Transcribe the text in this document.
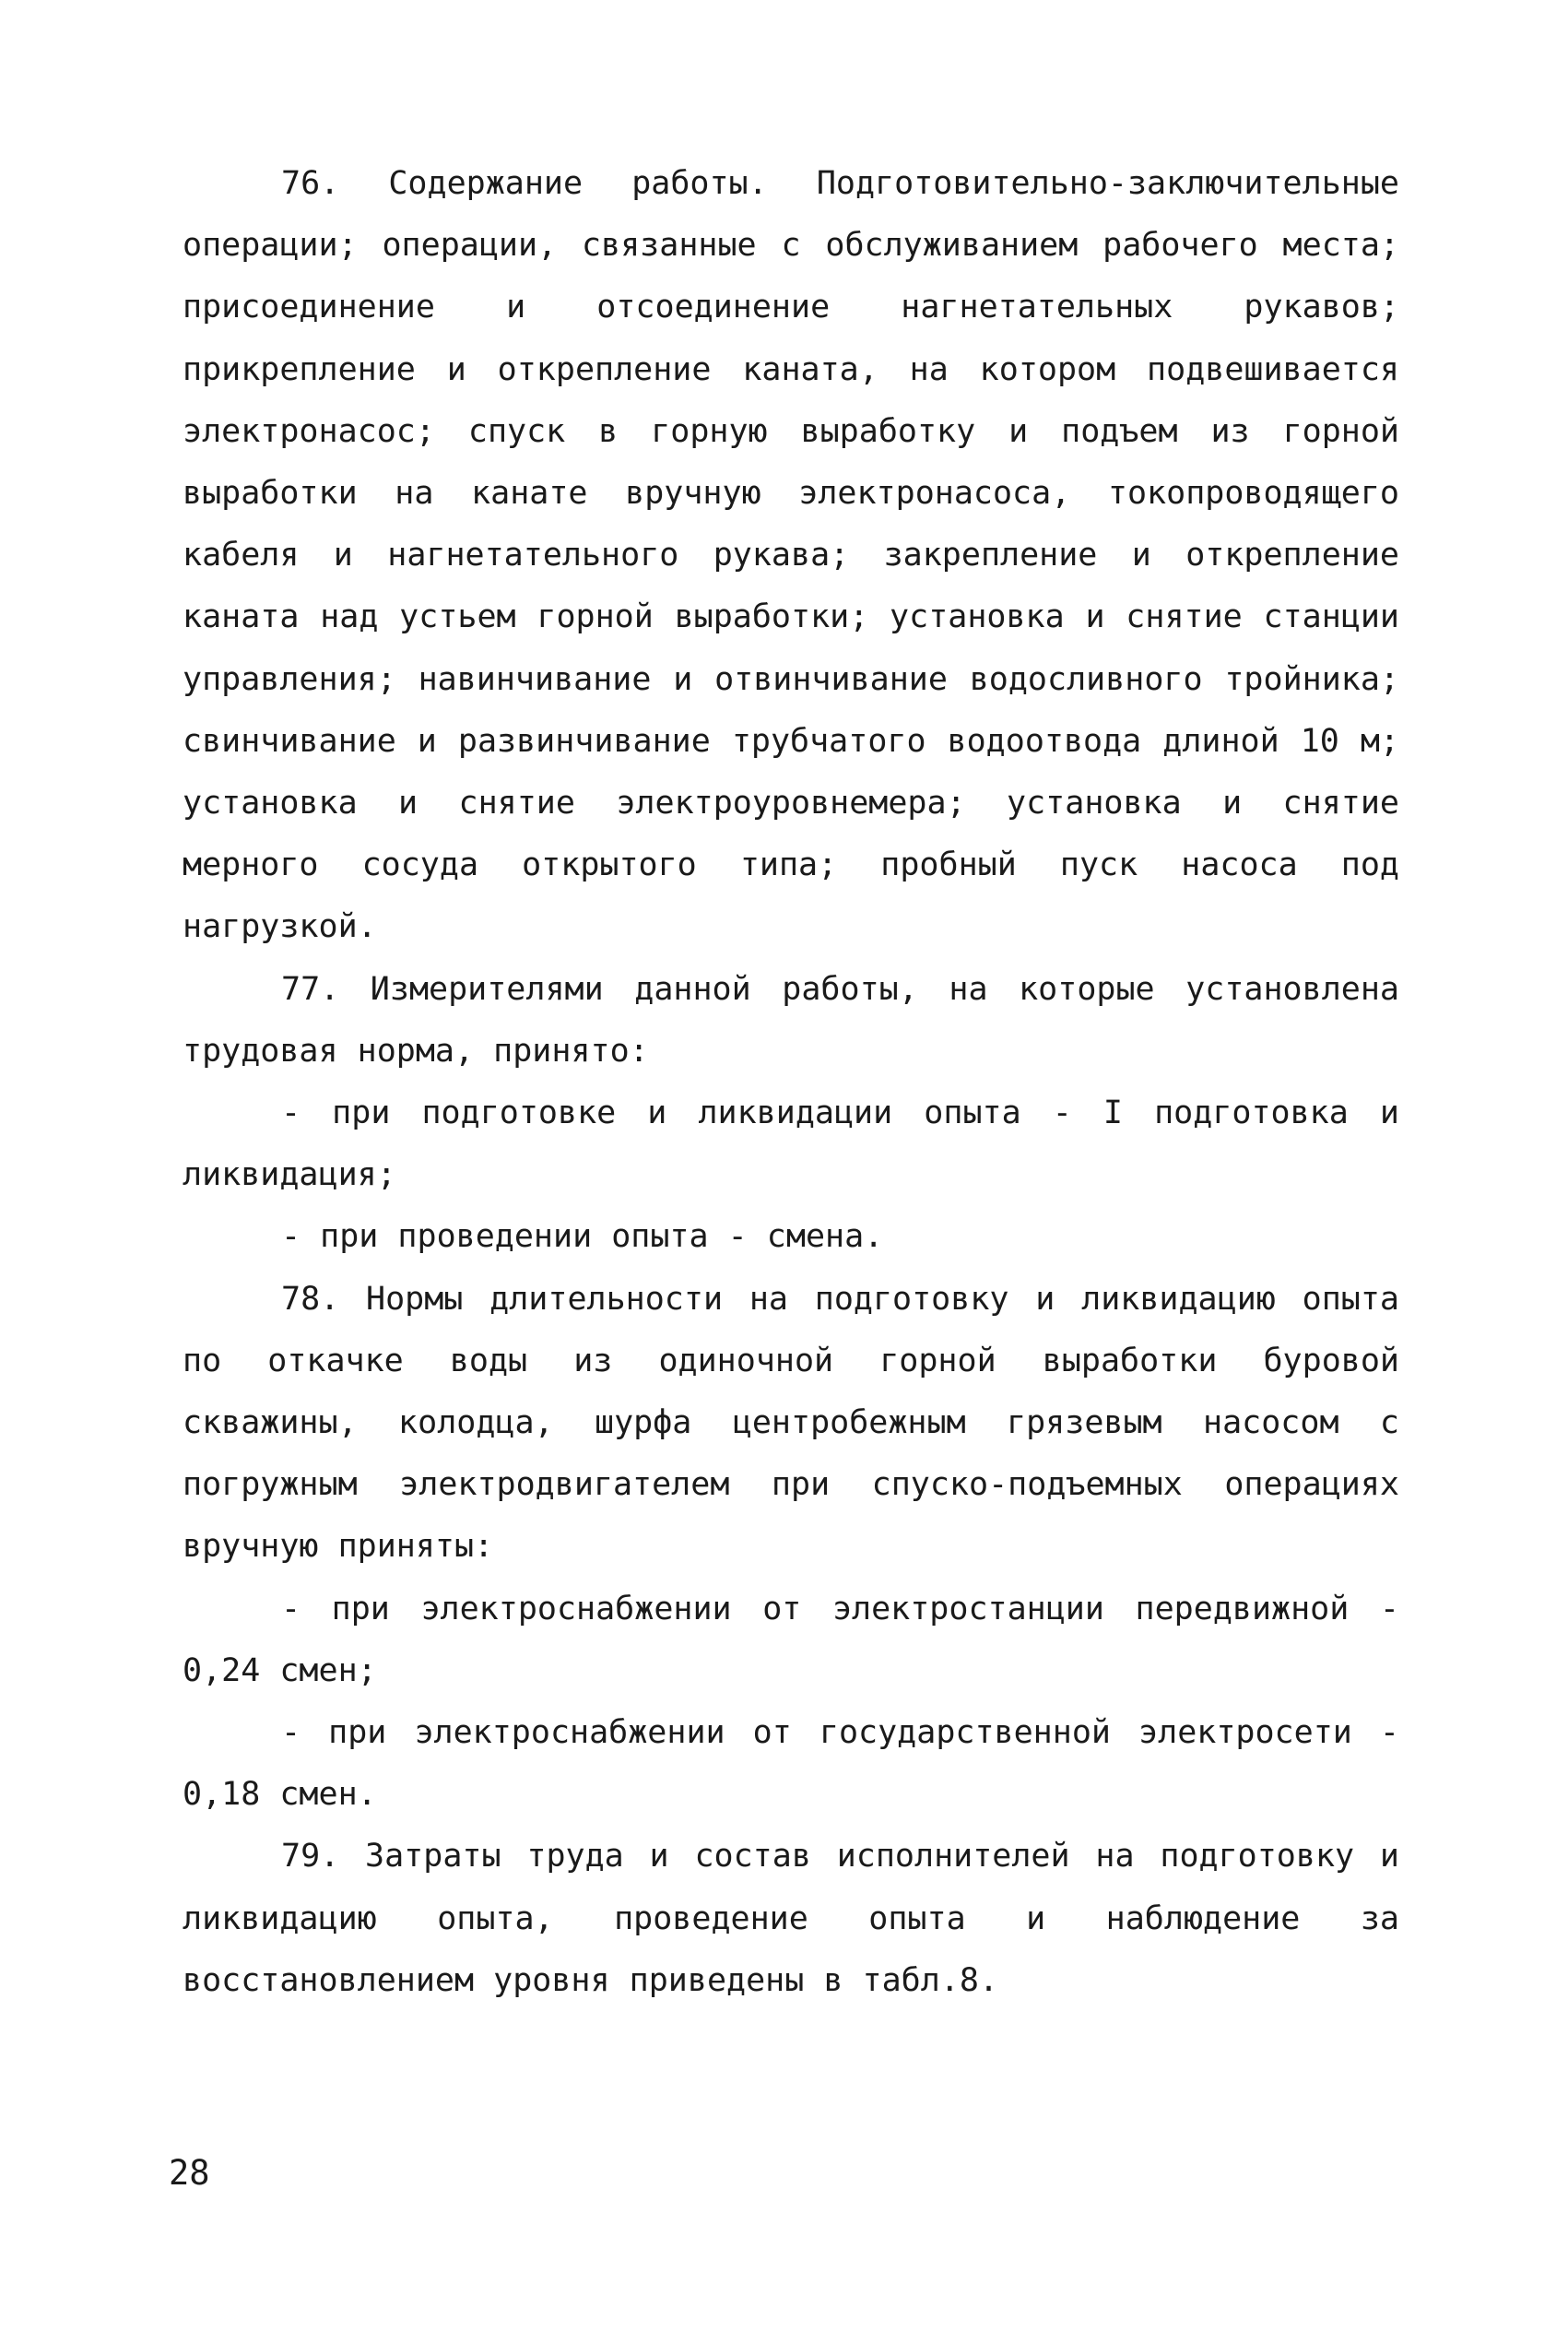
76. Содержание работы. Подготовительно-заключительные операции; операции, связанные с обслуживанием рабочего места; присоединение и отсоединение нагнетательных рукавов; прикрепление и открепление каната, на котором подвешивается электронасос; спуск в горную выработку и подъем из горной выработки на канате вручную электронасоса, токопроводящего кабеля и нагнетательного рукава; закрепление и открепление каната над устьем горной выработки; установка и снятие станции управления; навинчивание и отвинчивание водосливного тройника; свинчивание и развинчивание трубчатого водоотвода длиной 10 м; установка и снятие электроуровнемера; установка и снятие мерного сосуда открытого типа; пробный пуск насоса под нагрузкой.

77. Измерителями данной работы, на которые установлена трудовая норма, принято:

- при подготовке и ликвидации опыта - I подготовка и ликвидация;

- при проведении опыта - смена.

78. Нормы длительности на подготовку и ликвидацию опыта по откачке воды из одиночной горной выработки буровой скважины, колодца, шурфа центробежным грязевым насосом с погружным электродвигателем при спуско-подъемных операциях вручную приняты:

- при электроснабжении от электростанции передвижной - 0,24 смен;

- при электроснабжении от государственной электросети - 0,18 смен.

79. Затраты труда и состав исполнителей на подготовку и ликвидацию опыта, проведение опыта и наблюдение за восстановлением уровня приведены в табл.8.

28
